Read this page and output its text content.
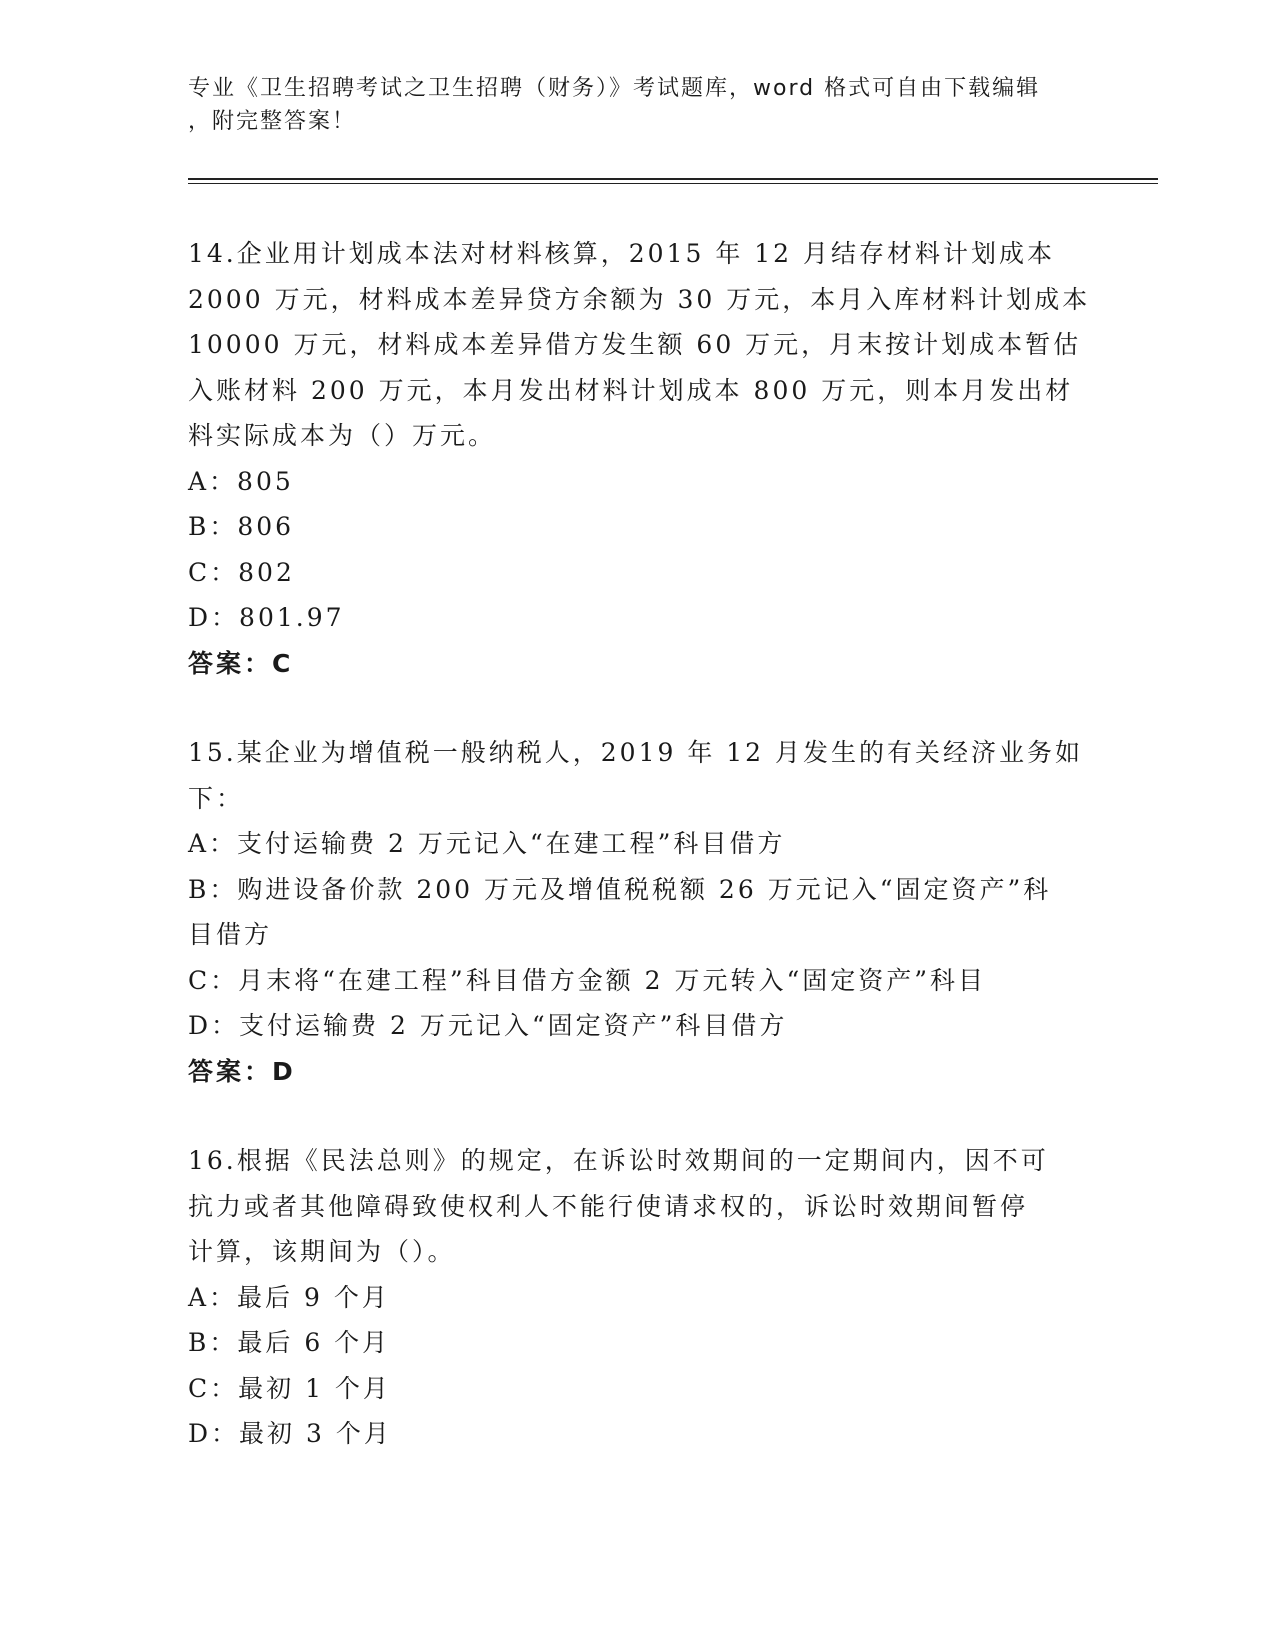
专业《卫生招聘考试之卫生招聘（财务）》考试题库，word 格式可自由下载编辑
，附完整答案！
14.企业用计划成本法对材料核算，2015 年 12 月结存材料计划成本
2000 万元，材料成本差异贷方余额为 30 万元，本月入库材料计划成本
10000 万元，材料成本差异借方发生额 60 万元，月末按计划成本暂估
入账材料 200 万元，本月发出材料计划成本 800 万元，则本月发出材
料实际成本为（）万元。
A：805
B：806
C：802
D：801.97
答案：C
15.某企业为增值税一般纳税人，2019 年 12 月发生的有关经济业务如
下：
A：支付运输费 2 万元记入“在建工程”科目借方
B：购进设备价款 200 万元及增值税税额 26 万元记入“固定资产”科
目借方
C：月末将“在建工程”科目借方金额 2 万元转入“固定资产”科目
D：支付运输费 2 万元记入“固定资产”科目借方
答案：D
16.根据《民法总则》的规定，在诉讼时效期间的一定期间内，因不可
抗力或者其他障碍致使权利人不能行使请求权的，诉讼时效期间暂停
计算，该期间为（）。
A：最后 9 个月
B：最后 6 个月
C：最初 1 个月
D：最初 3 个月
